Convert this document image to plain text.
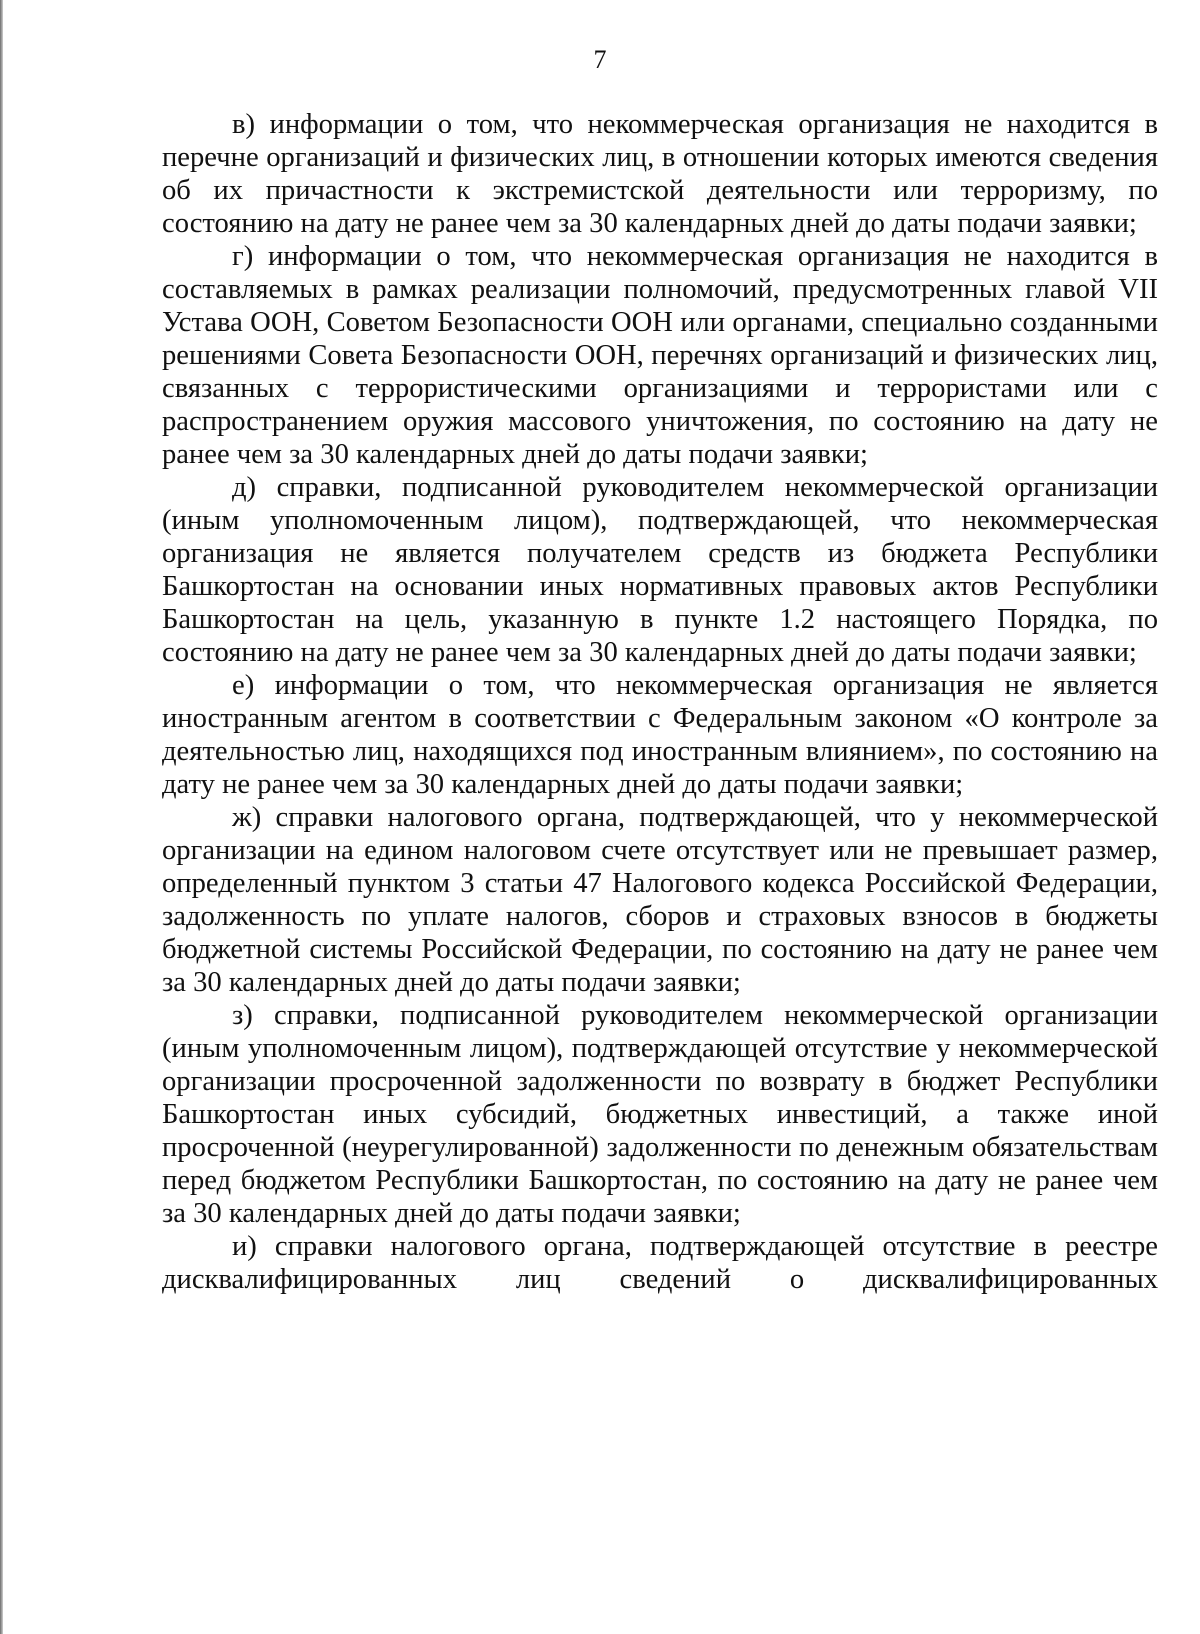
7

в) информации о том, что некоммерческая организация не находится в перечне организаций и физических лиц, в отношении которых имеются сведения об их причастности к экстремистской деятельности или терроризму, по состоянию на дату не ранее чем за 30 календарных дней до даты подачи заявки;

г) информации о том, что некоммерческая организация не находится в составляемых в рамках реализации полномочий, предусмотренных главой VII Устава ООН, Советом Безопасности ООН или органами, специально созданными решениями Совета Безопасности ООН, перечнях организаций и физических лиц, связанных с террористическими организациями и террористами или с распространением оружия массового уничтожения, по состоянию на дату не ранее чем за 30 календарных дней до даты подачи заявки;

д) справки, подписанной руководителем некоммерческой организации (иным уполномоченным лицом), подтверждающей, что некоммерческая организация не является получателем средств из бюджета Республики Башкортостан на основании иных нормативных правовых актов Республики Башкортостан на цель, указанную в пункте 1.2 настоящего Порядка, по состоянию на дату не ранее чем за 30 календарных дней до даты подачи заявки;

е) информации о том, что некоммерческая организация не является иностранным агентом в соответствии с Федеральным законом «О контроле за деятельностью лиц, находящихся под иностранным влиянием», по состоянию на дату не ранее чем за 30 календарных дней до даты подачи заявки;

ж) справки налогового органа, подтверждающей, что у некоммерческой организации на едином налоговом счете отсутствует или не превышает размер, определенный пунктом 3 статьи 47 Налогового кодекса Российской Федерации, задолженность по уплате налогов, сборов и страховых взносов в бюджеты бюджетной системы Российской Федерации, по состоянию на дату не ранее чем за 30 календарных дней до даты подачи заявки;

з) справки, подписанной руководителем некоммерческой организации (иным уполномоченным лицом), подтверждающей отсутствие у некоммерческой организации просроченной задолженности по возврату в бюджет Республики Башкортостан иных субсидий, бюджетных инвестиций, а также иной просроченной (неурегулированной) задолженности по денежным обязательствам перед бюджетом Республики Башкортостан, по состоянию на дату не ранее чем за 30 календарных дней до даты подачи заявки;

и) справки налогового органа, подтверждающей отсутствие в реестре дисквалифицированных лиц сведений о дисквалифицированных
